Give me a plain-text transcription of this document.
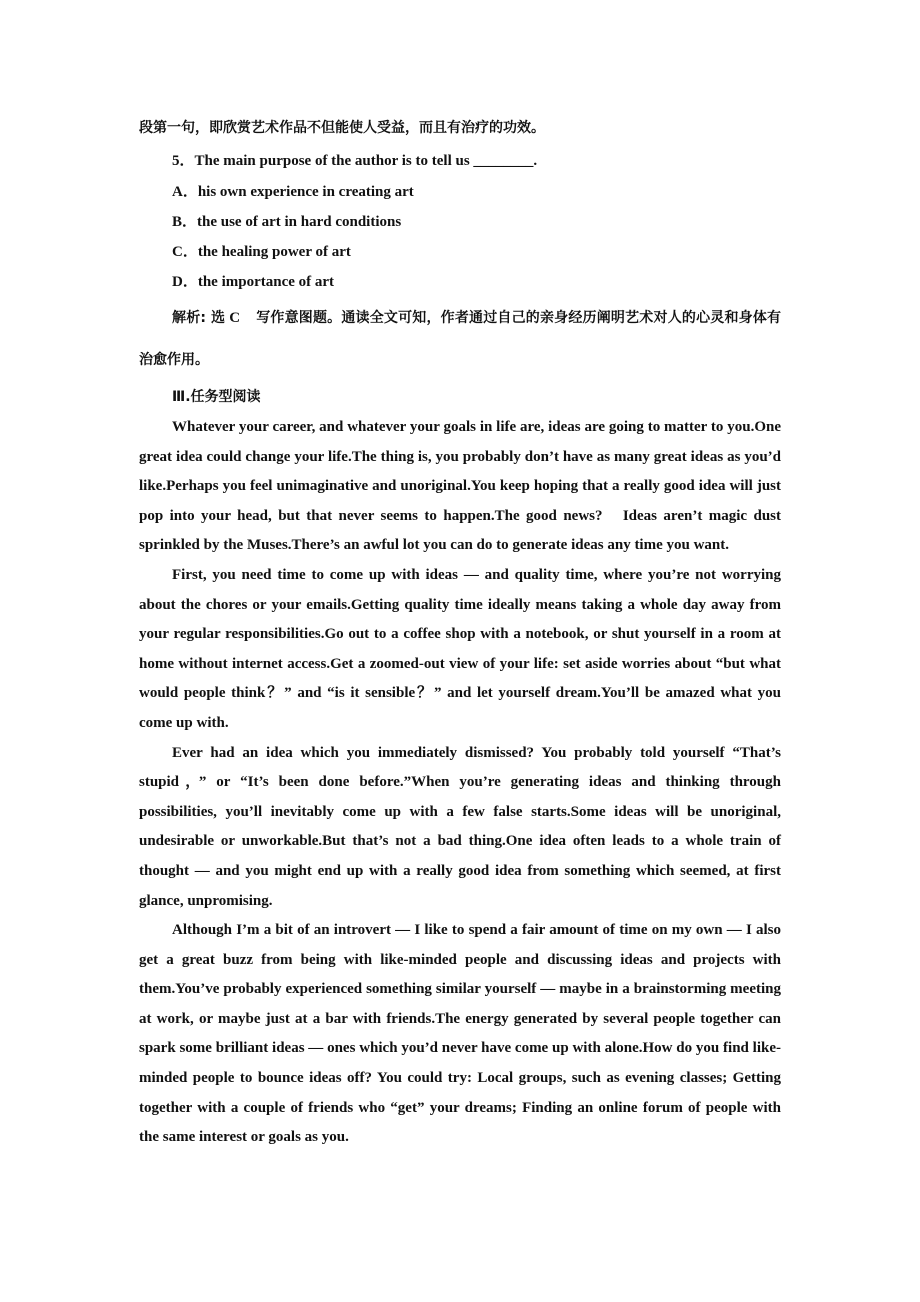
段第一句，即欣赏艺术作品不但能使人受益，而且有治疗的功效。

5．The main purpose of the author is to tell us ________.

A．his own experience in creating art

B．the use of art in hard conditions

C．the healing power of art

D．the importance of art

解析: 选 C 写作意图题。通读全文可知，作者通过自己的亲身经历阐明艺术对人的心灵和身体有治愈作用。

Ⅲ.任务型阅读

Whatever your career, and whatever your goals in life are, ideas are going to matter to you.One great idea could change your life.The thing is, you probably don’t have as many great ideas as you’d like.Perhaps you feel unimaginative and unoriginal.You keep hoping that a really good idea will just pop into your head, but that never seems to happen.The good news?　Ideas aren’t magic dust sprinkled by the Muses.There’s an awful lot you can do to generate ideas any time you want.

First, you need time to come up with ideas — and quality time, where you’re not worrying about the chores or your emails.Getting quality time ideally means taking a whole day away from your regular responsibilities.Go out to a coffee shop with a notebook, or shut yourself in a room at home without internet access.Get a zoomed-out view of your life: set aside worries about “but what would people think？” and “is it sensible？” and let yourself dream.You’ll be amazed what you come up with.

Ever had an idea which you immediately dismissed? You probably told yourself “That’s stupid，” or “It’s been done before.”When you’re generating ideas and thinking through possibilities, you’ll inevitably come up with a few false starts.Some ideas will be unoriginal, undesirable or unworkable.But that’s not a bad thing.One idea often leads to a whole train of thought — and you might end up with a really good idea from something which seemed, at first glance, unpromising.

Although I’m a bit of an introvert — I like to spend a fair amount of time on my own — I also get a great buzz from being with like-minded people and discussing ideas and projects with them.You’ve probably experienced something similar yourself — maybe in a brainstorming meeting at work, or maybe just at a bar with friends.The energy generated by several people together can spark some brilliant ideas — ones which you’d never have come up with alone.How do you find like-minded people to bounce ideas off? You could try: Local groups, such as evening classes; Getting together with a couple of friends who “get” your dreams; Finding an online forum of people with the same interest or goals as you.
